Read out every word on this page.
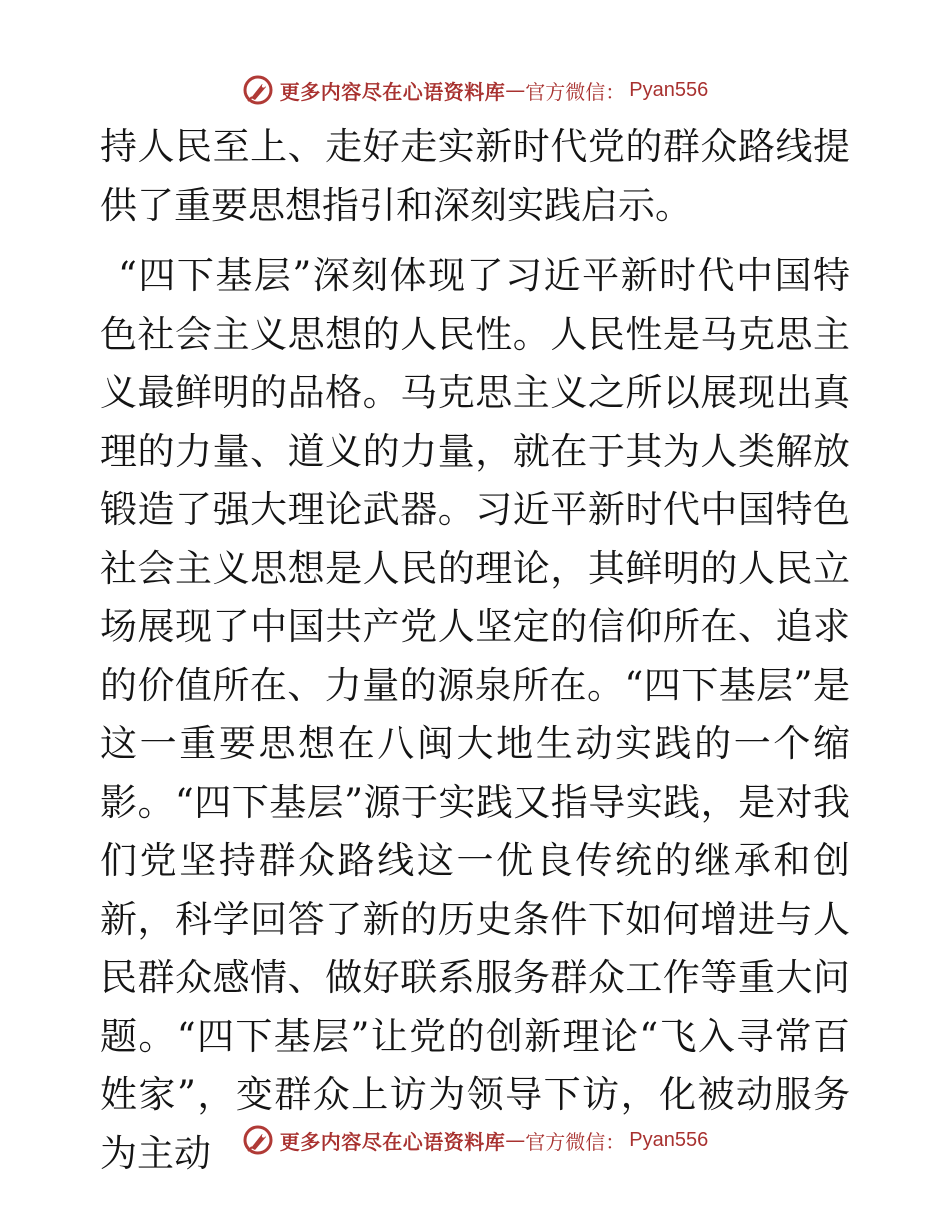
更多内容尽在心语资料库 — 官方微信： Pyan556

持人民至上、走好走实新时代党的群众路线提供了重要思想指引和深刻实践启示。

“四下基层”深刻体现了习近平新时代中国特色社会主义思想的人民性。人民性是马克思主义最鲜明的品格。马克思主义之所以展现出真理的力量、道义的力量，就在于其为人类解放锻造了强大理论武器。习近平新时代中国特色社会主义思想是人民的理论，其鲜明的人民立场展现了中国共产党人坚定的信仰所在、追求的价值所在、力量的源泉所在。“四下基层”是这一重要思想在八闽大地生动实践的一个缩影。“四下基层”源于实践又指导实践，是对我们党坚持群众路线这一优良传统的继承和创新，科学回答了新的历史条件下如何增进与人民群众感情、做好联系服务群众工作等重大问题。“四下基层”让党的创新理论“飞入寻常百姓家”，变群众上访为领导下访，化被动服务为主动	更多内容尽在心语资料库 — 官方微信： Pyan556
